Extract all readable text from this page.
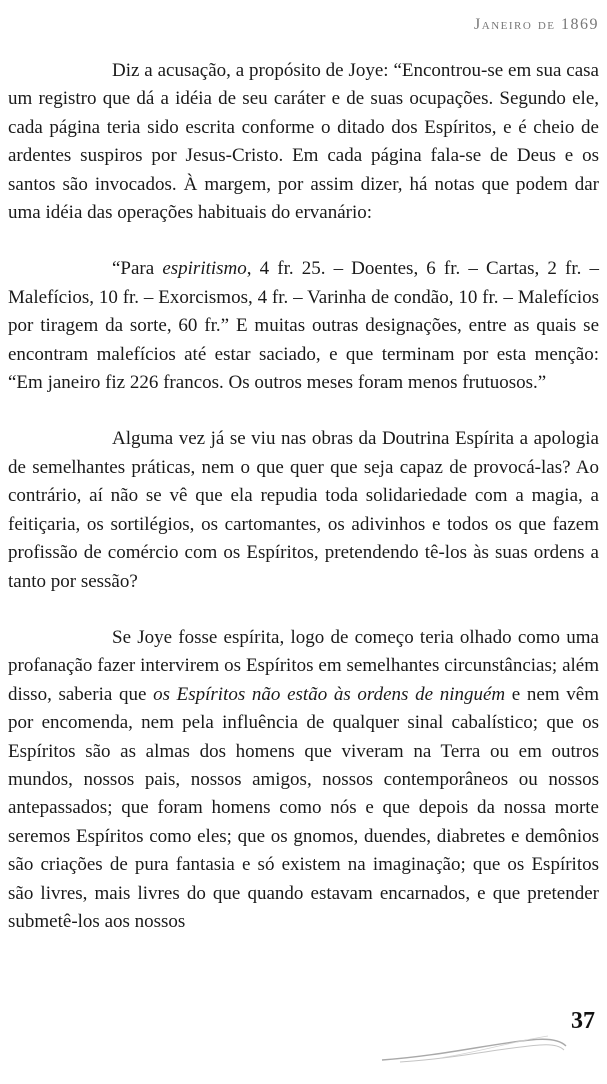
Janeiro de 1869

Diz a acusação, a propósito de Joye: “Encontrou-se em sua casa um registro que dá a idéia de seu caráter e de suas ocupações. Segundo ele, cada página teria sido escrita conforme o ditado dos Espíritos, e é cheio de ardentes suspiros por Jesus-Cristo. Em cada página fala-se de Deus e os santos são invocados. À margem, por assim dizer, há notas que podem dar uma idéia das operações habituais do ervanário:

“Para espiritismo, 4 fr. 25. – Doentes, 6 fr. – Cartas, 2 fr. – Malefícios, 10 fr. – Exorcismos, 4 fr. – Varinha de condão, 10 fr. – Malefícios por tiragem da sorte, 60 fr.” E muitas outras designações, entre as quais se encontram malefícios até estar saciado, e que terminam por esta menção: “Em janeiro fiz 226 francos. Os outros meses foram menos frutuosos.”

Alguma vez já se viu nas obras da Doutrina Espírita a apologia de semelhantes práticas, nem o que quer que seja capaz de provocá-las? Ao contrário, aí não se vê que ela repudia toda solidariedade com a magia, a feitiçaria, os sortilégios, os cartomantes, os adivinhos e todos os que fazem profissão de comércio com os Espíritos, pretendendo tê-los às suas ordens a tanto por sessão?

Se Joye fosse espírita, logo de começo teria olhado como uma profanação fazer intervirem os Espíritos em semelhantes circunstâncias; além disso, saberia que os Espíritos não estão às ordens de ninguém e nem vêm por encomenda, nem pela influência de qualquer sinal cabalístico; que os Espíritos são as almas dos homens que viveram na Terra ou em outros mundos, nossos pais, nossos amigos, nossos contemporâneos ou nossos antepassados; que foram homens como nós e que depois da nossa morte seremos Espíritos como eles; que os gnomos, duendes, diabretes e demônios são criações de pura fantasia e só existem na imaginação; que os Espíritos são livres, mais livres do que quando estavam encarnados, e que pretender submetê-los aos nossos

37
